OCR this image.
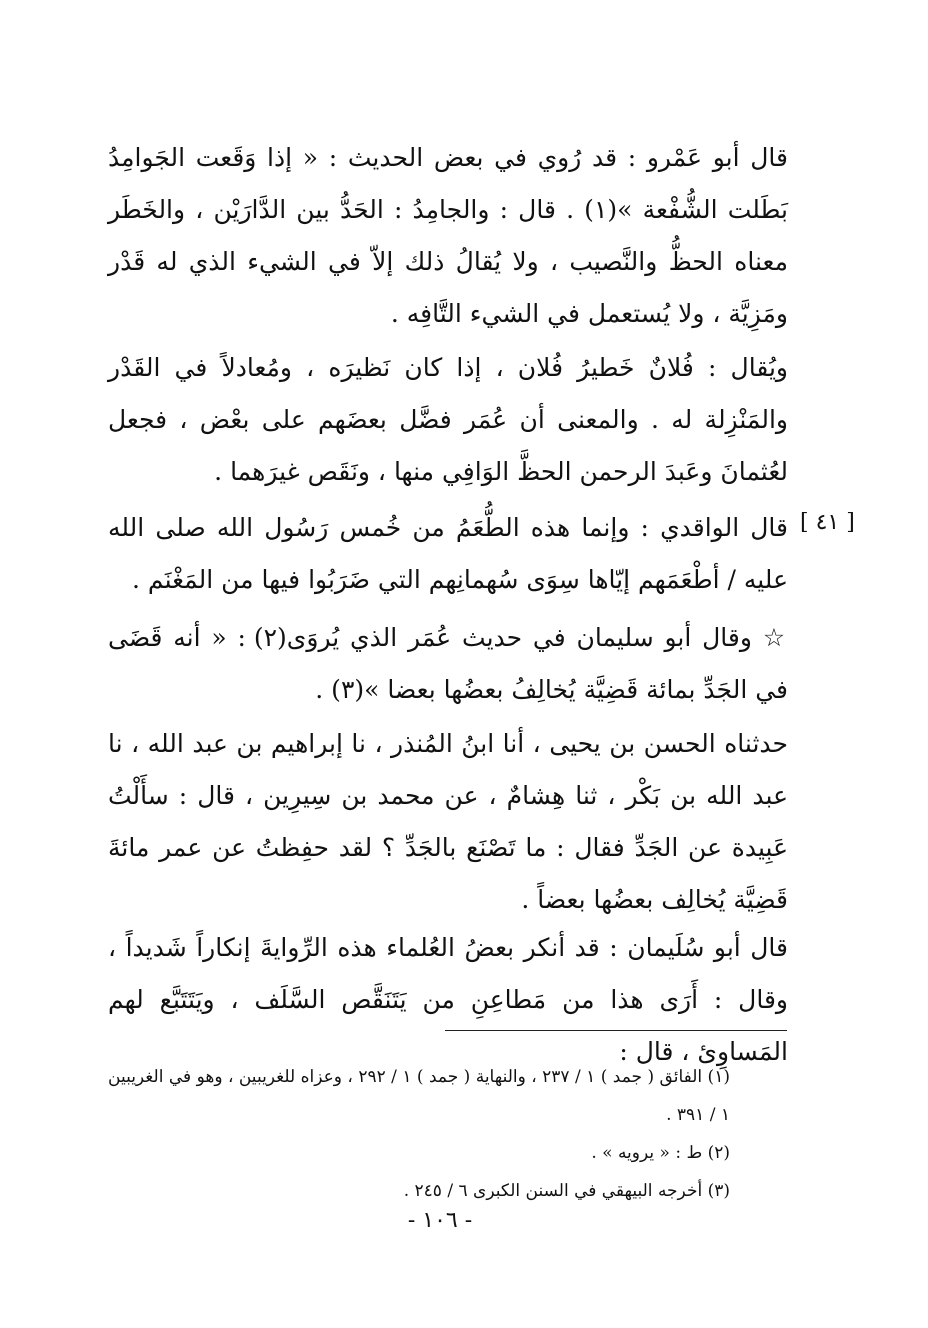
قال أبو عَمْرو : قد رُوي في بعض الحديث : « إذا وَقَعت الجَوامِدُ بَطَلت الشُّفْعة »(١) . قال : والجامِدُ : الحَدُّ بين الدَّارَيْن ، والخَطَر معناه الحظُّ والنَّصيب ، ولا يُقالُ ذلك إلاّ في الشيء الذي له قَدْر ومَزِيَّة ، ولا يُستعمل في الشيء التَّافِه .

ويُقال : فُلانٌ خَطيرُ فُلان ، إذا كان نَظيرَه ، ومُعادلاً في القَدْر والمَنْزِلة له . والمعنى أن عُمَر فضَّل بعضَهم على بعْض ، فجعل لعُثمانَ وعَبدَ الرحمن الحظَّ الوَافِي منها ، ونَقَص غيرَهما .

[ ٤١ ]

قال الواقدي : وإنما هذه الطُّعَمُ من خُمس رَسُول الله صلى الله عليه / أطْعَمَهم إيّاها سِوَى سُهمانِهم التي ضَرَبُوا فيها من المَغْنَم .

☆ وقال أبو سليمان في حديث عُمَر الذي يُروَى(٢) : « أنه قَضَى في الجَدِّ بمائة قَضِيَّة يُخالِفُ بعضُها بعضا »(٣) .

حدثناه الحسن بن يحيى ، أنا ابنُ المُنذر ، نا إبراهيم بن عبد الله ، نا عبد الله بن بَكْر ، ثنا هِشامٌ ، عن محمد بن سِيرِين ، قال : سأَلْتُ عَبِيدة عن الجَدِّ فقال : ما تَصْنَع بالجَدِّ ؟ لقد حفِظتُ عن عمر مائةَ قَضِيَّة يُخالِف بعضُها بعضاً .

قال أبو سُلَيمان : قد أنكر بعضُ العُلماء هذه الرِّوايةَ إنكاراً شَديداً ، وقال : أَرَى هذا من مَطاعِنِ من يَتَنَقَّص السَّلَف ، ويَتَتَبَّع لهم المَساوِئ ، قال :

(١) الفائق ( جمد ) ١ / ٢٣٧ ، والنهاية ( جمد ) ١ / ٢٩٢ ، وعزاه للغريبين ، وهو في الغريبين ١ / ٣٩١ .

(٢) ط : « يرويه » .

(٣) أخرجه البيهقي في السنن الكبرى ٦ / ٢٤٥ .

- ١٠٦ -
